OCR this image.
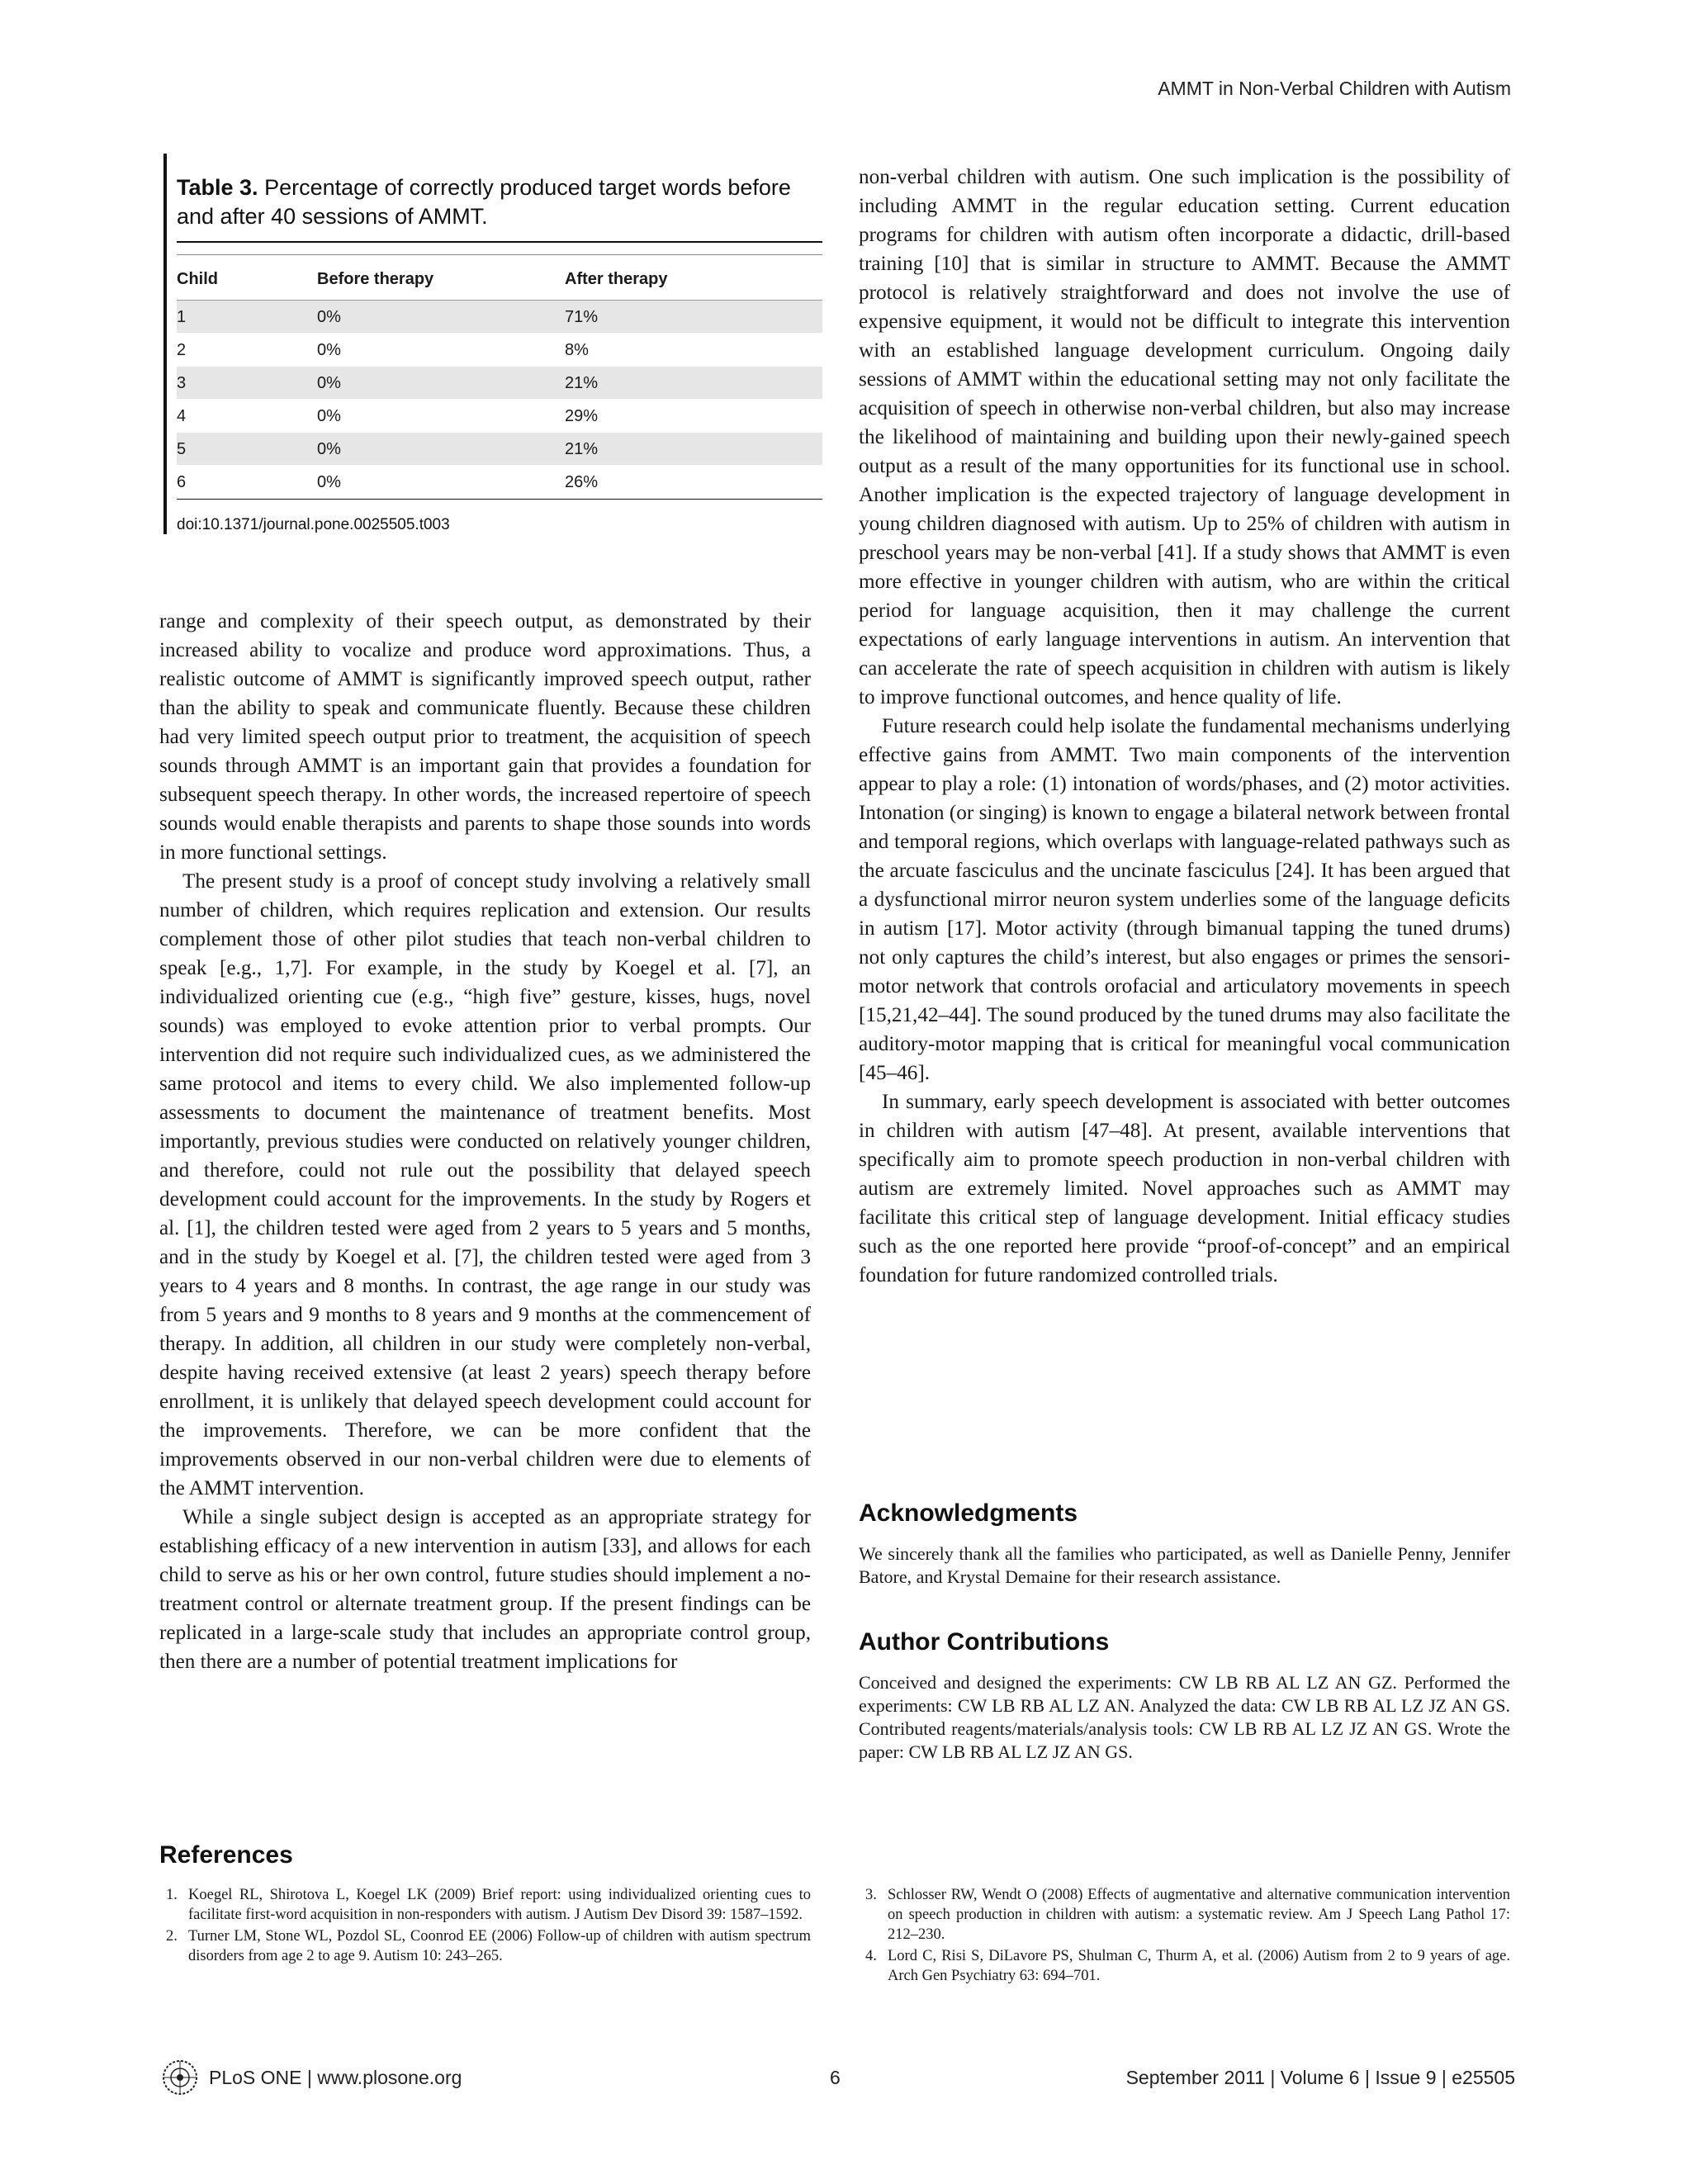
AMMT in Non-Verbal Children with Autism
Table 3. Percentage of correctly produced target words before and after 40 sessions of AMMT.
Child	Before therapy	After therapy
1	0%	71%
2	0%	8%
3	0%	21%
4	0%	29%
5	0%	21%
6	0%	26%
doi:10.1371/journal.pone.0025505.t003

range and complexity of their speech output, as demonstrated by their increased ability to vocalize and produce word approximations. Thus, a realistic outcome of AMMT is significantly improved speech output, rather than the ability to speak and communicate fluently. Because these children had very limited speech output prior to treatment, the acquisition of speech sounds through AMMT is an important gain that provides a foundation for subsequent speech therapy. In other words, the increased repertoire of speech sounds would enable therapists and parents to shape those sounds into words in more functional settings.

The present study is a proof of concept study involving a relatively small number of children, which requires replication and extension. Our results complement those of other pilot studies that teach non-verbal children to speak [e.g., 1,7]. For example, in the study by Koegel et al. [7], an individualized orienting cue (e.g., “high five” gesture, kisses, hugs, novel sounds) was employed to evoke attention prior to verbal prompts. Our intervention did not require such individualized cues, as we administered the same protocol and items to every child. We also implemented follow-up assessments to document the maintenance of treatment benefits. Most importantly, previous studies were conducted on relatively younger children, and therefore, could not rule out the possibility that delayed speech development could account for the improvements. In the study by Rogers et al. [1], the children tested were aged from 2 years to 5 years and 5 months, and in the study by Koegel et al. [7], the children tested were aged from 3 years to 4 years and 8 months. In contrast, the age range in our study was from 5 years and 9 months to 8 years and 9 months at the commencement of therapy. In addition, all children in our study were completely non-verbal, despite having received extensive (at least 2 years) speech therapy before enrollment, it is unlikely that delayed speech development could account for the improvements. Therefore, we can be more confident that the improvements observed in our non-verbal children were due to elements of the AMMT intervention.

While a single subject design is accepted as an appropriate strategy for establishing efficacy of a new intervention in autism [33], and allows for each child to serve as his or her own control, future studies should implement a no-treatment control or alternate treatment group. If the present findings can be replicated in a large-scale study that includes an appropriate control group, then there are a number of potential treatment implications for

non-verbal children with autism. One such implication is the possibility of including AMMT in the regular education setting. Current education programs for children with autism often incorporate a didactic, drill-based training [10] that is similar in structure to AMMT. Because the AMMT protocol is relatively straightforward and does not involve the use of expensive equipment, it would not be difficult to integrate this intervention with an established language development curriculum. Ongoing daily sessions of AMMT within the educational setting may not only facilitate the acquisition of speech in otherwise non-verbal children, but also may increase the likelihood of maintaining and building upon their newly-gained speech output as a result of the many opportunities for its functional use in school. Another implication is the expected trajectory of language development in young children diagnosed with autism. Up to 25% of children with autism in preschool years may be non-verbal [41]. If a study shows that AMMT is even more effective in younger children with autism, who are within the critical period for language acquisition, then it may challenge the current expectations of early language interventions in autism. An intervention that can accelerate the rate of speech acquisition in children with autism is likely to improve functional outcomes, and hence quality of life.

Future research could help isolate the fundamental mechanisms underlying effective gains from AMMT. Two main components of the intervention appear to play a role: (1) intonation of words/phases, and (2) motor activities. Intonation (or singing) is known to engage a bilateral network between frontal and temporal regions, which overlaps with language-related pathways such as the arcuate fasciculus and the uncinate fasciculus [24]. It has been argued that a dysfunctional mirror neuron system underlies some of the language deficits in autism [17]. Motor activity (through bimanual tapping the tuned drums) not only captures the child’s interest, but also engages or primes the sensori-motor network that controls orofacial and articulatory movements in speech [15,21,42–44]. The sound produced by the tuned drums may also facilitate the auditory-motor mapping that is critical for meaningful vocal communication [45–46].

In summary, early speech development is associated with better outcomes in children with autism [47–48]. At present, available interventions that specifically aim to promote speech production in non-verbal children with autism are extremely limited. Novel approaches such as AMMT may facilitate this critical step of language development. Initial efficacy studies such as the one reported here provide “proof-of-concept” and an empirical foundation for future randomized controlled trials.

Acknowledgments

We sincerely thank all the families who participated, as well as Danielle Penny, Jennifer Batore, and Krystal Demaine for their research assistance.

Author Contributions

Conceived and designed the experiments: CW LB RB AL LZ AN GZ. Performed the experiments: CW LB RB AL LZ AN. Analyzed the data: CW LB RB AL LZ JZ AN GS. Contributed reagents/materials/analysis tools: CW LB RB AL LZ JZ AN GS. Wrote the paper: CW LB RB AL LZ JZ AN GS.

References
1. Koegel RL, Shirotova L, Koegel LK (2009) Brief report: using individualized orienting cues to facilitate first-word acquisition in non-responders with autism. J Autism Dev Disord 39: 1587–1592.
2. Turner LM, Stone WL, Pozdol SL, Coonrod EE (2006) Follow-up of children with autism spectrum disorders from age 2 to age 9. Autism 10: 243–265.
3. Schlosser RW, Wendt O (2008) Effects of augmentative and alternative communication intervention on speech production in children with autism: a systematic review. Am J Speech Lang Pathol 17: 212–230.
4. Lord C, Risi S, DiLavore PS, Shulman C, Thurm A, et al. (2006) Autism from 2 to 9 years of age. Arch Gen Psychiatry 63: 694–701.
PLoS ONE | www.plosone.org	6	September 2011 | Volume 6 | Issue 9 | e25505
